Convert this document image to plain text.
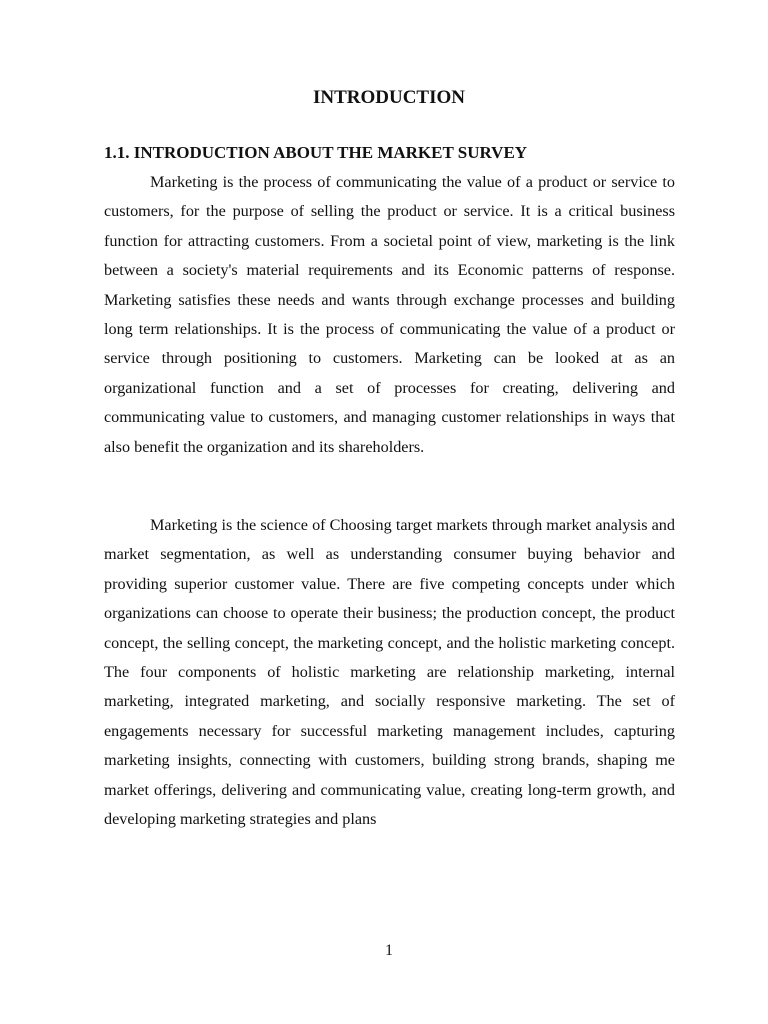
INTRODUCTION
1.1. INTRODUCTION ABOUT THE MARKET SURVEY

Marketing is the process of communicating the value of a product or service to customers, for the purpose of selling the product or service. It is a critical business function for attracting customers. From a societal point of view, marketing is the link between a society's material requirements and its Economic patterns of response. Marketing satisfies these needs and wants through exchange processes and building long term relationships. It is the process of communicating the value of a product or service through positioning to customers. Marketing can be looked at as an organizational function and a set of processes for creating, delivering and communicating value to customers, and managing customer relationships in ways that also benefit the organization and its shareholders.

Marketing is the science of Choosing target markets through market analysis and market segmentation, as well as understanding consumer buying behavior and providing superior customer value. There are five competing concepts under which organizations can choose to operate their business; the production concept, the product concept, the selling concept, the marketing concept, and the holistic marketing concept. The four components of holistic marketing are relationship marketing, internal marketing, integrated marketing, and socially responsive marketing. The set of engagements necessary for successful marketing management includes, capturing marketing insights, connecting with customers, building strong brands, shaping me market offerings, delivering and communicating value, creating long-term growth, and developing marketing strategies and plans

1
